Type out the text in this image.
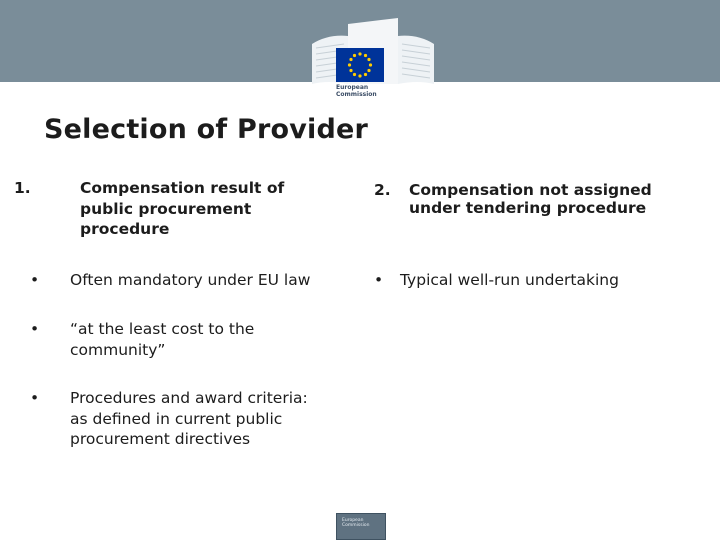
European
Commission
Selection of Provider
1.	Compensation result of
public procurement
procedure
• Often mandatory under EU law
• “at the least cost to the
community”
• Procedures and award criteria:
as defined in current public
procurement directives
2. Compensation not assigned
under tendering procedure
• Typical well-run undertaking
European Commission
